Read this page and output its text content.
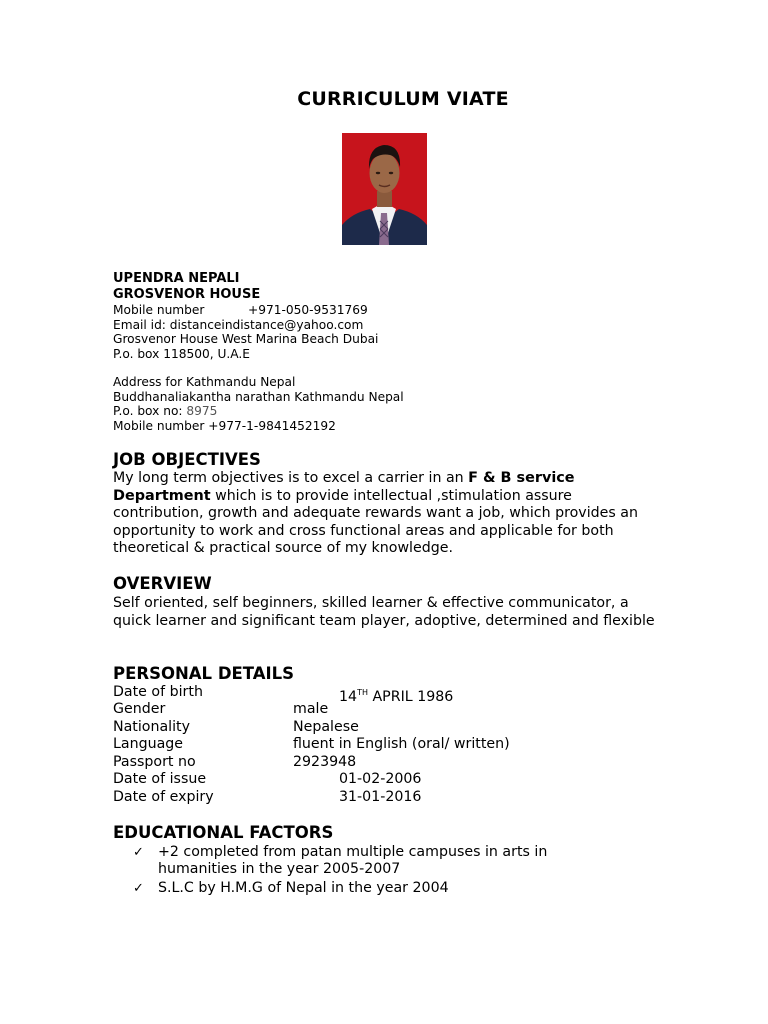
CURRICULUM VIATE
UPENDRA NEPALI
GROSVENOR HOUSE
Mobile number	+971-050-9531769
Email id: distanceindistance@yahoo.com
Grosvenor House West Marina Beach Dubai
P.o. box 118500, U.A.E
Address for Kathmandu Nepal
Buddhanaliakantha narathan Kathmandu Nepal
P.o. box no: 8975
Mobile number +977-1-9841452192
JOB OBJECTIVES
My long term objectives is to excel a carrier in an F & B service Department which is to provide intellectual ,stimulation assure contribution, growth and adequate rewards want a job, which provides an opportunity to work and cross functional areas and applicable for both theoretical & practical source of my knowledge.
OVERVIEW
Self oriented, self beginners, skilled learner & effective communicator, a quick learner and significant team player, adoptive, determined and flexible
PERSONAL DETAILS
Date of birth	14TH APRIL 1986
Gender	male
Nationality	Nepalese
Language	fluent in English (oral/ written)
Passport no	2923948
Date of issue	01-02-2006
Date of expiry	31-01-2016
EDUCATIONAL FACTORS
✓ +2 completed from patan multiple campuses in arts in humanities in the year 2005-2007
✓ S.L.C by H.M.G of Nepal in the year 2004
